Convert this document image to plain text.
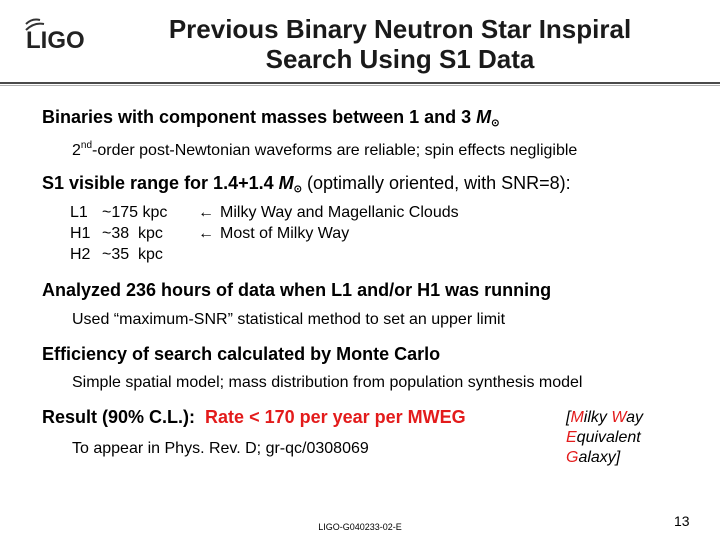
LIGO	Previous Binary Neutron Star Inspiral
Search Using S1 Data
Binaries with component masses between 1 and 3 $M_⊙$
2nd-order post-Newtonian waveforms are reliable; spin effects negligible
S1 visible range for 1.4+1.4 $M_⊙$ (optimally oriented, with SNR=8):
L1	~175 kpc	←	Milky Way and Magellanic Clouds
H1	~38  kpc	←	Most of Milky Way
H2	~35  kpc		
Analyzed 236 hours of data when L1 and/or H1 was running
Used “maximum-SNR” statistical method to set an upper limit
Efficiency of search calculated by Monte Carlo
Simple spatial model; mass distribution from population synthesis model
Result (90% C.L.): Rate < 170 per year per MWEG
To appear in Phys. Rev. D; gr-qc/0308069
[Milky Way
Equivalent
Galaxy]
LIGO-G040233-02-E	13
